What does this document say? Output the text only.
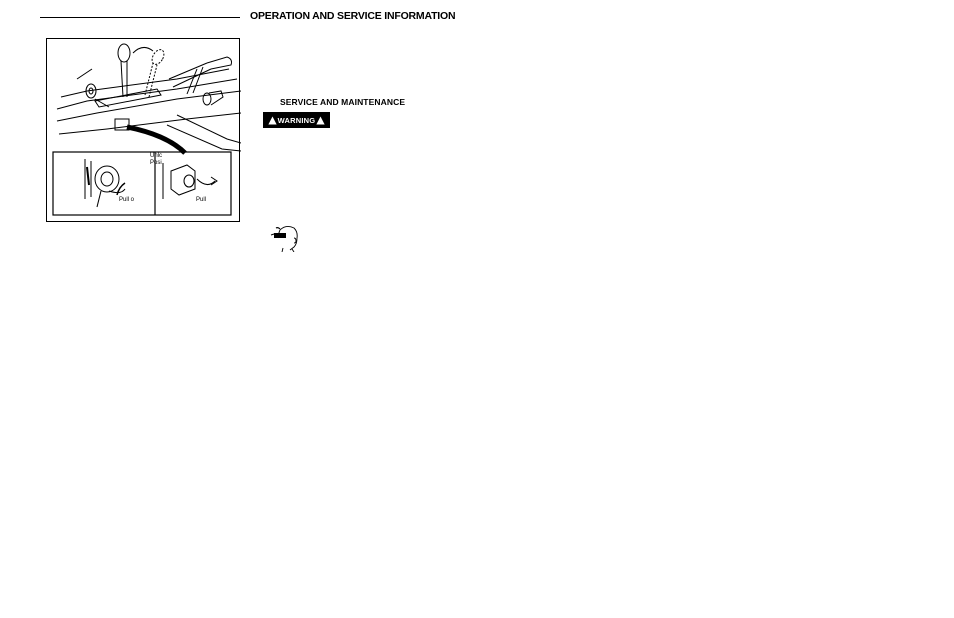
OPERATION AND SERVICE INFORMATION
Unlc
Posi
Pull o	Pull
SERVICE AND MAINTENANCE
WARNING
